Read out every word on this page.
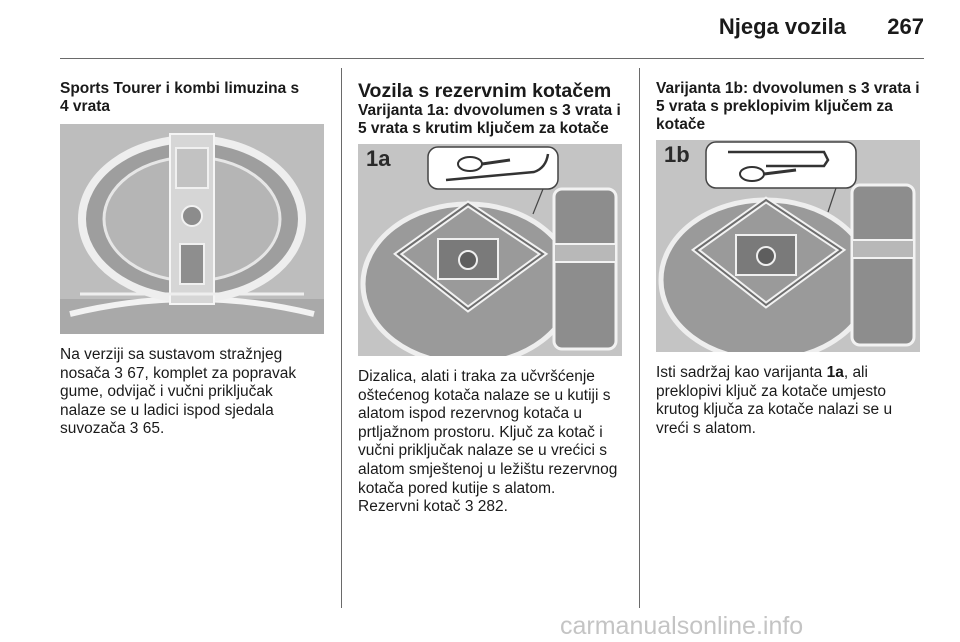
Njega vozila	267

Sports Tourer i kombi limuzina s
4 vrata

Na verziji sa sustavom stražnjeg
nosača 3 67, komplet za popravak
gume, odvijač i vučni priključak
nalaze se u ladici ispod sjedala
suvozača 3 65.

Vozila s rezervnim kotačem

Varijanta 1a: dvovolumen s 3 vrata i
5 vrata s krutim ključem za kotače

1a

Dizalica, alati i traka za učvršćenje
oštećenog kotača nalaze se u kutiji s
alatom ispod rezervnog kotača u
prtljažnom prostoru. Ključ za kotač i
vučni priključak nalaze se u vrećici s
alatom smještenoj u ležištu rezervnog
kotača pored kutije s alatom.
Rezervni kotač 3 282.

Varijanta 1b: dvovolumen s 3 vrata i
5 vrata s preklopivim ključem za
kotače

1b

Isti sadržaj kao varijanta 1a, ali
preklopivi ključ za kotače umjesto
krutog ključa za kotače nalazi se u
vreći s alatom.

carmanualsonline.info
